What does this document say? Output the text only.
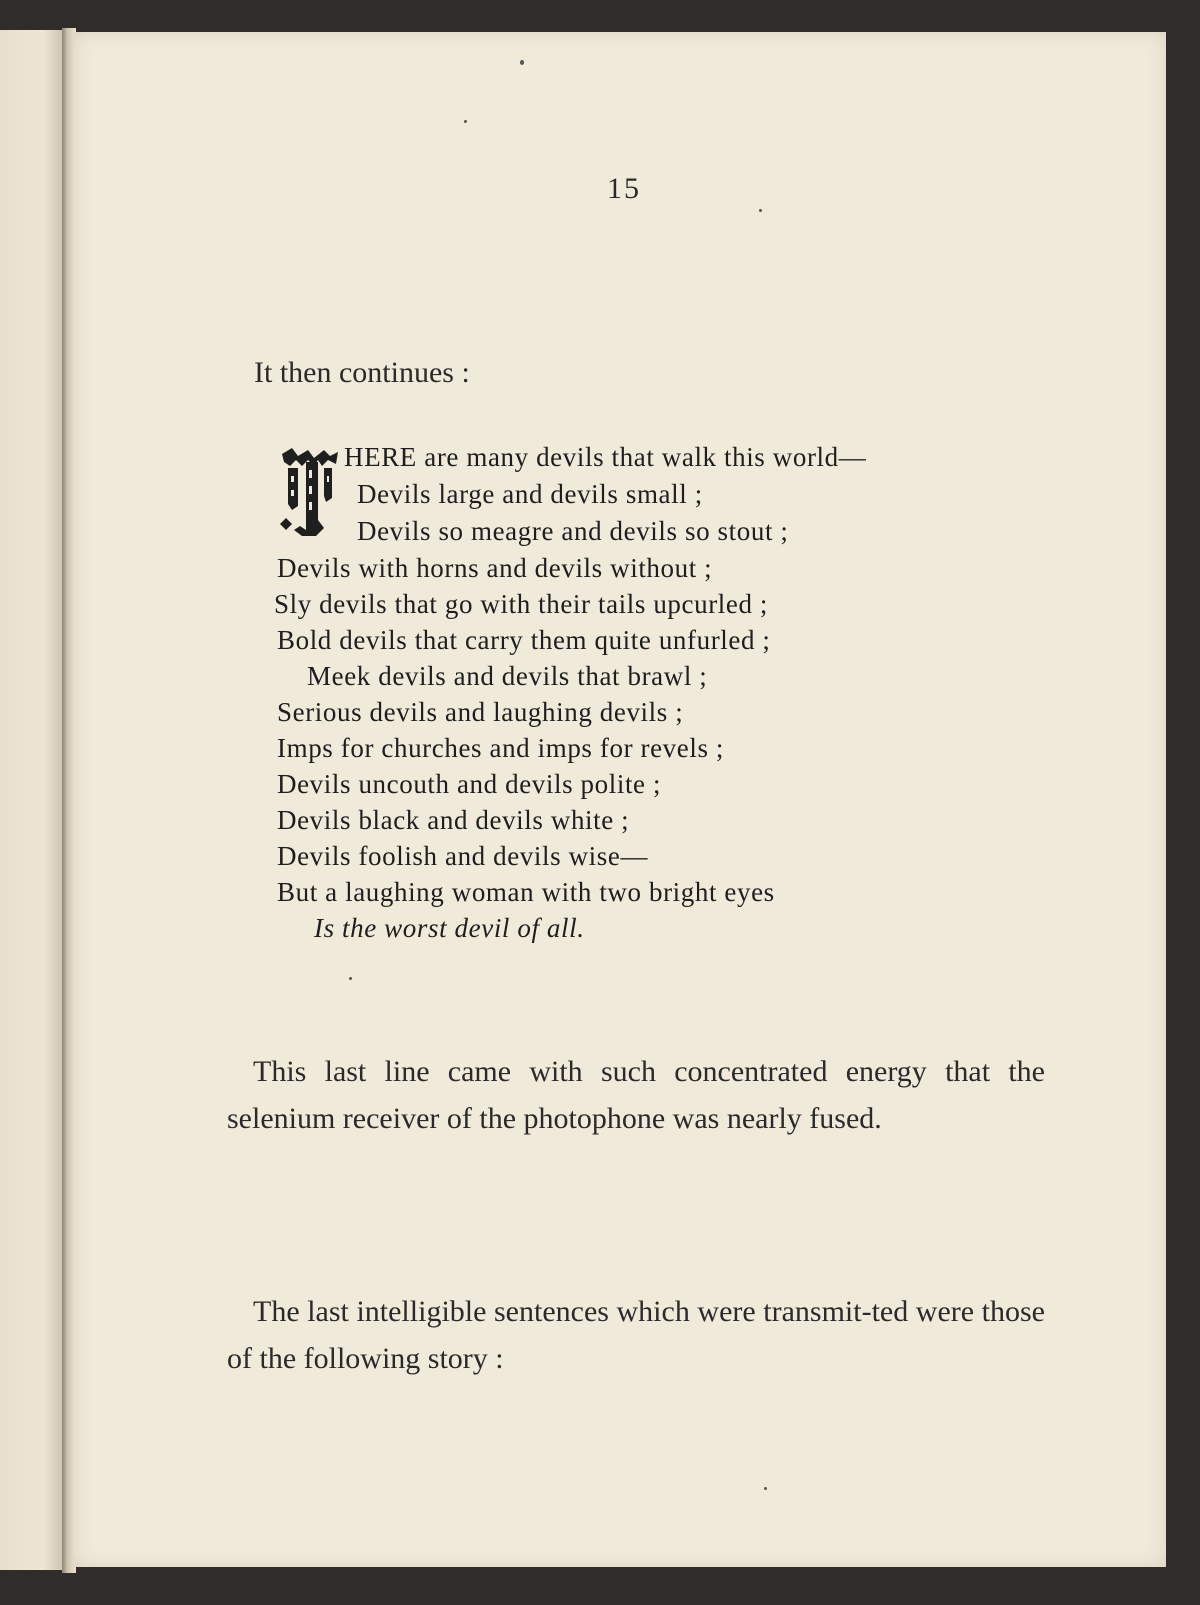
15
It then continues :
HERE are many devils that walk this world—
Devils large and devils small ;
Devils so meagre and devils so stout ;
Devils with horns and devils without ;
Sly devils that go with their tails upcurled ;
Bold devils that carry them quite unfurled ;
Meek devils and devils that brawl ;
Serious devils and laughing devils ;
Imps for churches and imps for revels ;
Devils uncouth and devils polite ;
Devils black and devils white ;
Devils foolish and devils wise—
But a laughing woman with two bright eyes
Is the worst devil of all.

This last line came with such concentrated energy that the selenium receiver of the photophone was nearly fused.

The last intelligible sentences which were transmit-ted were those of the following story :
